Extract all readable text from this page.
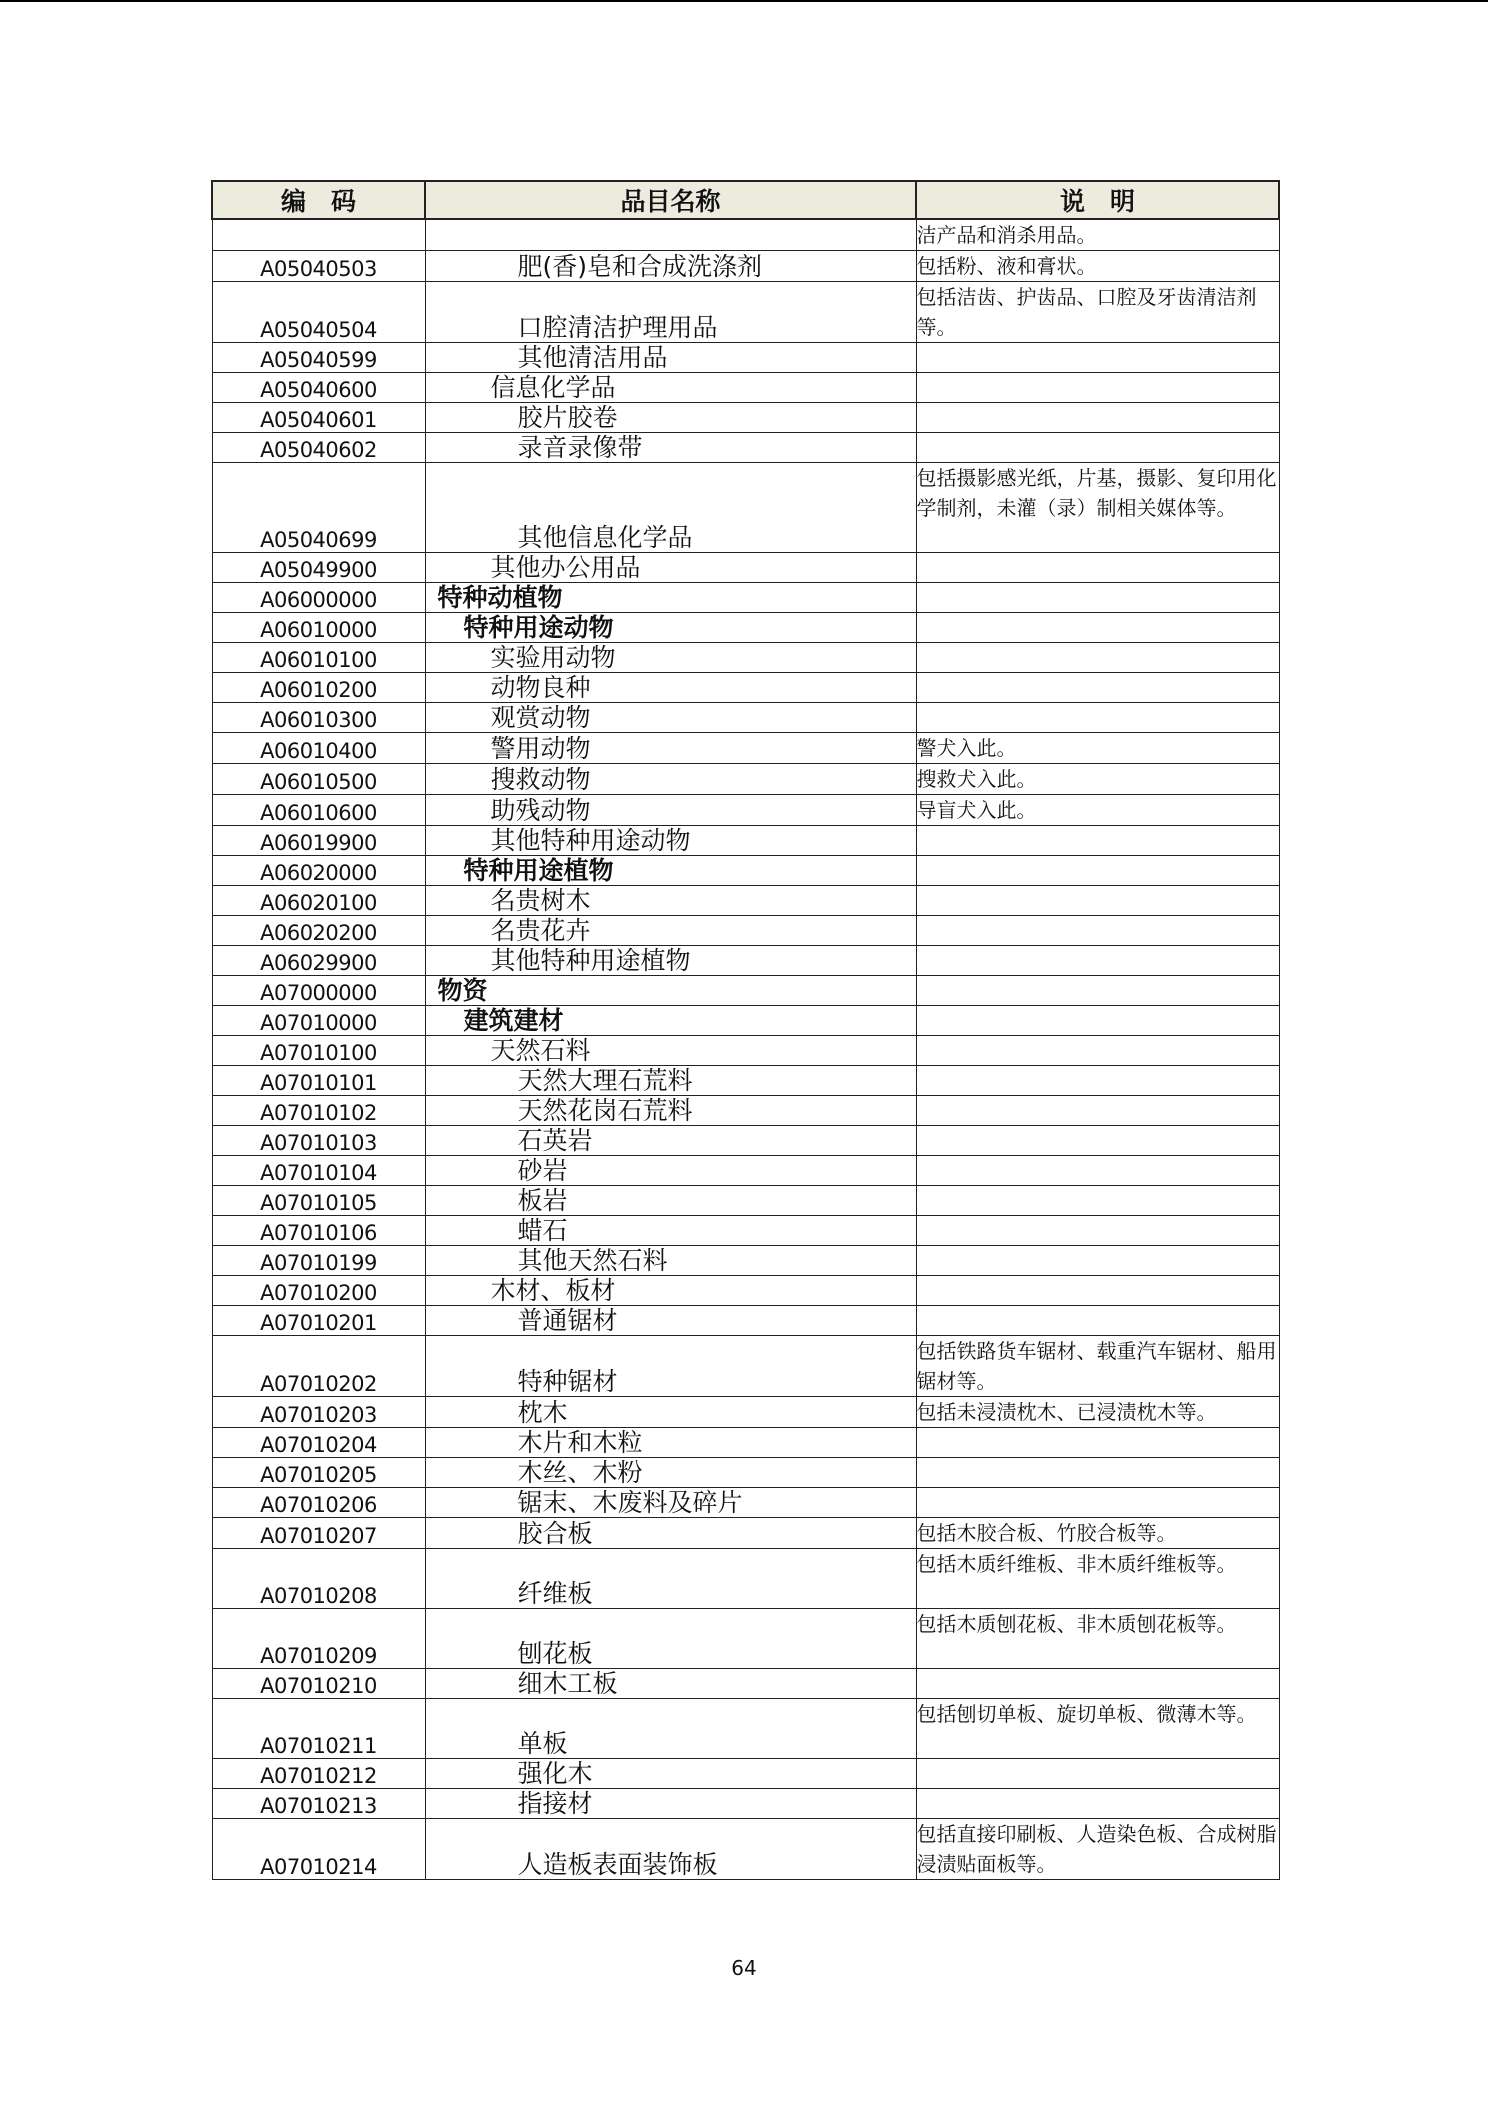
编　码	品目名称	说　明
		洁产品和消杀用品。
A05040503	肥(香)皂和合成洗涤剂	包括粉、液和膏状。
A05040504	口腔清洁护理用品	包括洁齿、护齿品、口腔及牙齿清洁剂等。
A05040599	其他清洁用品	
A05040600	信息化学品	
A05040601	胶片胶卷	
A05040602	录音录像带	
A05040699	其他信息化学品	包括摄影感光纸，片基，摄影、复印用化学制剂，未灌（录）制相关媒体等。
A05049900	其他办公用品	
A06000000	特种动植物	
A06010000	特种用途动物	
A06010100	实验用动物	
A06010200	动物良种	
A06010300	观赏动物	
A06010400	警用动物	警犬入此。
A06010500	搜救动物	搜救犬入此。
A06010600	助残动物	导盲犬入此。
A06019900	其他特种用途动物	
A06020000	特种用途植物	
A06020100	名贵树木	
A06020200	名贵花卉	
A06029900	其他特种用途植物	
A07000000	物资	
A07010000	建筑建材	
A07010100	天然石料	
A07010101	天然大理石荒料	
A07010102	天然花岗石荒料	
A07010103	石英岩	
A07010104	砂岩	
A07010105	板岩	
A07010106	蜡石	
A07010199	其他天然石料	
A07010200	木材、板材	
A07010201	普通锯材	
A07010202	特种锯材	包括铁路货车锯材、载重汽车锯材、船用锯材等。
A07010203	枕木	包括未浸渍枕木、已浸渍枕木等。
A07010204	木片和木粒	
A07010205	木丝、木粉	
A07010206	锯末、木废料及碎片	
A07010207	胶合板	包括木胶合板、竹胶合板等。
A07010208	纤维板	包括木质纤维板、非木质纤维板等。
A07010209	刨花板	包括木质刨花板、非木质刨花板等。
A07010210	细木工板	
A07010211	单板	包括刨切单板、旋切单板、微薄木等。
A07010212	强化木	
A07010213	指接材	
A07010214	人造板表面装饰板	包括直接印刷板、人造染色板、合成树脂浸渍贴面板等。
64
